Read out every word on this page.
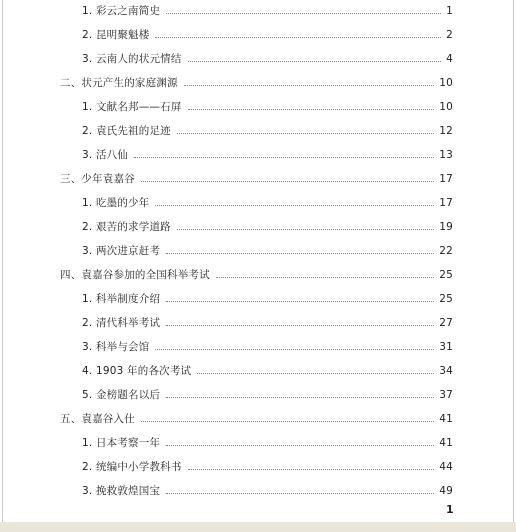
1. 彩云之南简史	1
2. 昆明聚魁楼	2
3. 云南人的状元情结	4
二、状元产生的家庭渊源	10
1. 文献名邦——石屏	10
2. 袁氏先祖的足迹	12
3. 活八仙	13
三、少年袁嘉谷	17
1. 吃墨的少年	17
2. 艰苦的求学道路	19
3. 两次进京赶考	22
四、袁嘉谷参加的全国科举考试	25
1. 科举制度介绍	25
2. 清代科举考试	27
3. 科举与会馆	31
4. 1903 年的各次考试	34
5. 金榜题名以后	37
五、袁嘉谷入仕	41
1. 日本考察一年	41
2. 统编中小学教科书	44
3. 挽救敦煌国宝	49
1
